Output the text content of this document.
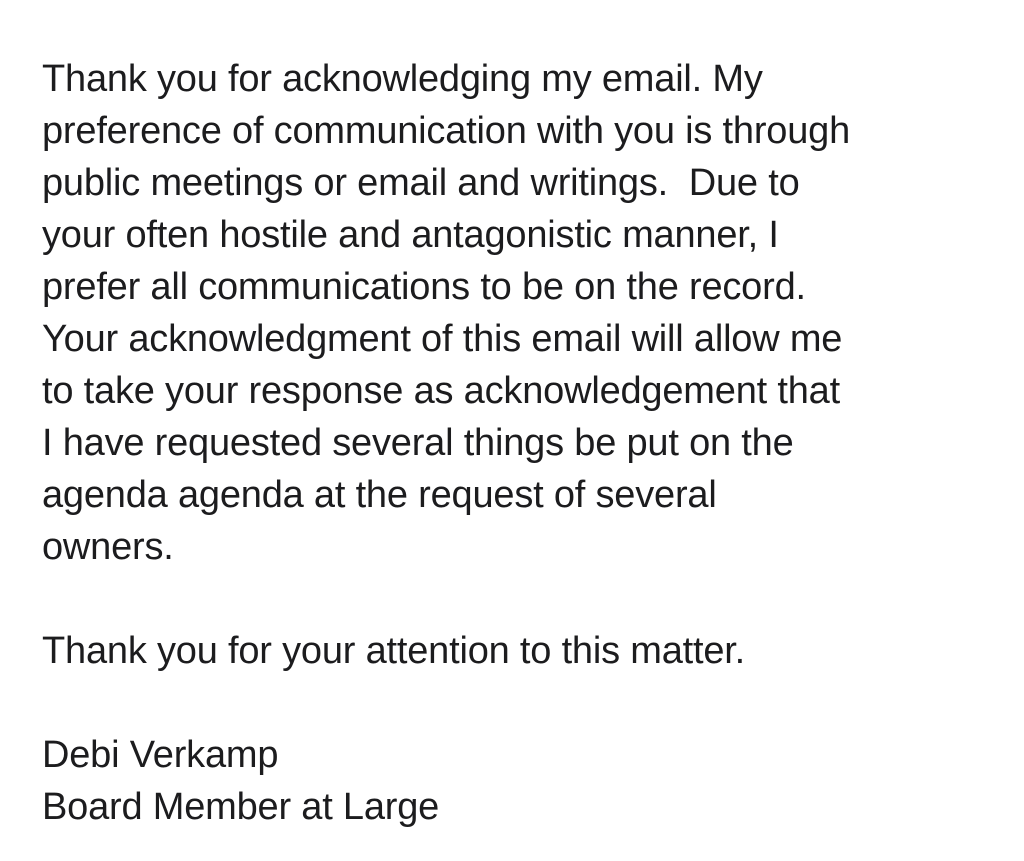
Thank you for acknowledging my email. My
preference of communication with you is through
public meetings or email and writings.  Due to
your often hostile and antagonistic manner, I
prefer all communications to be on the record.
Your acknowledgment of this email will allow me
to take your response as acknowledgement that
I have requested several things be put on the
agenda agenda at the request of several
owners.
Thank you for your attention to this matter.
Debi Verkamp
Board Member at Large
